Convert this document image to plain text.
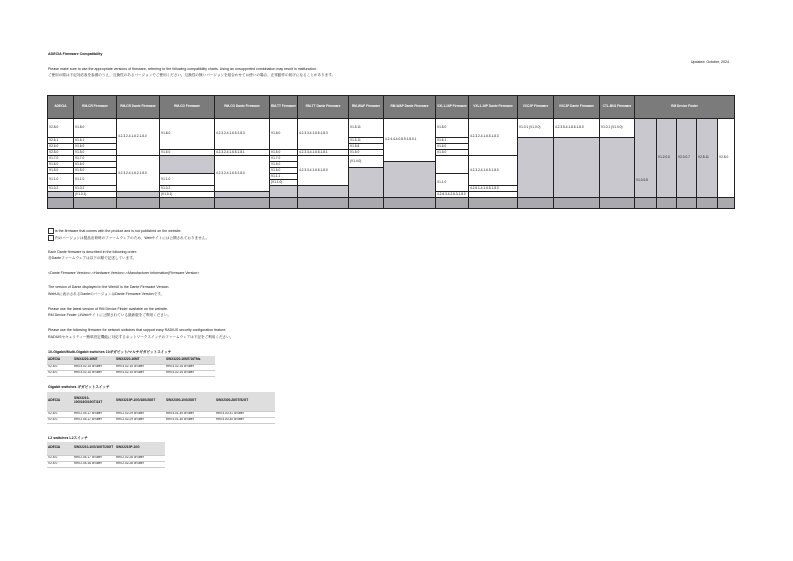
ADECIA Firmware Compatibility
Updated: October, 2024
Please make sure to use the appropriate versions of firmware, referring to the following compatibility charts. Using an unsupported combination may result in malfunction.
ご使用の際は下記対応表を参照のうえ、互換性のあるバージョンでご使用ください。互換性の無いバージョンを組合わせてお使いの場合、正常動作の妨げになることがあります。
ADECIA	RM-CR Firmware	RM-CR Dante Firmware	RM-CG Firmware	RM-CG Dante Firmware	RM-TT Firmware	RM-TT Dante Firmware	RM-WAP Firmware	RM-WAP Dante Firmware	VXL1-16P Firmware	VXL1-16P Dante Firmware	VXC2P Firmware	VXC2P Dante Firmware	CTL-BN1 Firmware	RM Device Finder				
V2.8.0	V1.8.0	4.2.3.2-4.1.6.2-1.8.0	V1.8.0	4.2.3.2-4.1.6.5-1.8.3	V1.8.0	4.2.3.3-4.1.6.5-1.8.3	V1.5.11	4.2.4.4-4.0.8.9-1.8.0.1	V1.8.0	4.2.3.2-4.1.6.5-1.8.3	V1.0.1 (V1.0.0)	4.2.3.5-4.1.8.5-1.8.0	V1.0.1 (V1.0.0)	V1.0.0.5	V1.2.0.0	V2.0.0.7	V2.5.11	V2.8.0
V2.6.1	V1.6.1						V1.5.11		V1.6.1									
V2.6.0	V1.6.0						V1.5.8		V1.6.0									
V2.5.0	V1.5.0		V1.5.0	4.2.3.2-4.1.6.5-1.8.1	V1.5.0	4.2.3.3-4.1.6.5-1.8.1	V1.5.0		V1.5.0									
V1.7.0	V1.7.0	4.2.3.2-4.1.6.2-1.8.0		4.2.3.2-4.1.6.5-1.8.0	V1.7.0	4.2.3.3-4.1.6.5-1.8.0	(V1.4.0)			4.2.3.2-4.1.6.5-1.8.0								
V1.6.0	V1.6.0				V1.6.0													
V1.5.0	V1.5.0				V1.5.0													
V1.1.0	V1.1.0		V1.1.0		V1.1.1				V1.1.0									
					(V1.1.0)													
V1.0.2	V1.0.2		V1.0.2							4.2.6.1-4.1.6.5-1.8.0								
	(V1.0.1)		(V1.0.1)						4.2.6.3-4.2.6.3-1.8.0									

is the firmware that comes with the product and is not published on the website.
内のバージョンは製品出荷時のファームウェアのため、Webサイトには公開されておりません。
Each Dante firmware is described in the following order:
各Danteファームウェアは以下の順で記述しています。
<Dante Firmware Version>-<Hardware Version>-<Manufacturer Information(Firmware Version>
The version of Dante displayed in the WebUI is the Dante Firmware Version.
WebUIに表示されるDanteのバージョンはDante Firmware Versionです。
Please use the latest version of RM Device Finder available on the website.
RM Device Finder はWebサイトに公開されている最新版をご利用ください。
Please use the following firmware for network switches that support easy RADIUS security configuration feature.
RADIUSセキュリティー簡単設定機能に対応するネットワークスイッチのファームウェアは下記をご利用ください。
10-Gigabit/Multi-Gigabit switches 10ギガビット/マルチギガビットスイッチ
ADECIA	SWX3220-16MT	SWX3220-16MT	SWX3220-16MT/16TMs
V2.8.0	Rev.4.02.15 or later	Rev.4.02.15 or later	Rev.4.02.15 or later
V2.6.0	Rev.4.02.15 or later	Rev.4.02.15 or later	Rev.4.02.15 or later
Gigabit switches ギガビットスイッチ
ADECIA	SWX3210-10G/16G/10GT/24T	SWX3210P-10G/18G/28GT	SWX2300-10G/28GT	SWX2300-28GT/52GT
V2.8.0	Rev.2.04.17 or later	Rev.2.02.29 or later	Rev.4.01.35 or later	Rev.4.00.31 or later
V2.6.0	Rev.2.04.17 or later	Rev.2.02.29 or later	Rev.4.01.34 or later	Rev.4.00.30 or later
L2 switches L2スイッチ
ADECIA	SWX2210-10G/16GT/28GT	SWX2210P-10G
V2.8.0	Rev.2.04.17 or later	Rev.2.02.28 or later
V2.6.0	Rev.2.04.16 or later	Rev.2.02.28 or later
